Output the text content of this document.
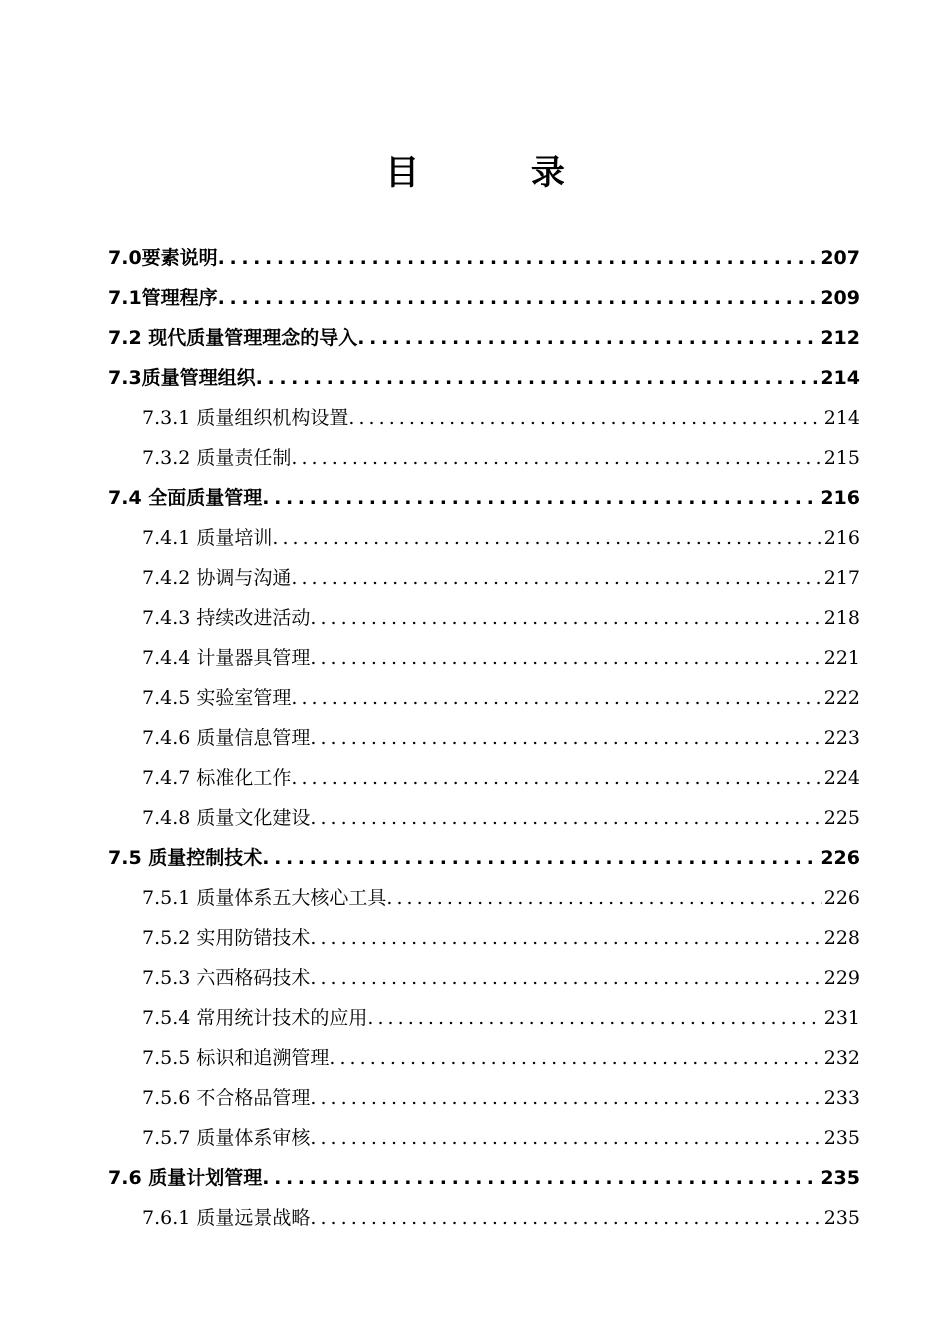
目 录
7.0要素说明 . . .	207
7.1管理程序 . . .	209
7.2 现代质量管理理念的导入 . . .	212
7.3质量管理组织 . . .	214
7.3.1 质量组织机构设置 . . .	214
7.3.2 质量责任制 . . .	215
7.4 全面质量管理 . . .	216
7.4.1 质量培训 . . .	216
7.4.2 协调与沟通 . . .	217
7.4.3 持续改进活动 . . .	218
7.4.4 计量器具管理 . . .	221
7.4.5 实验室管理 . . .	222
7.4.6 质量信息管理 . . .	223
7.4.7 标准化工作 . . .	224
7.4.8 质量文化建设 . . .	225
7.5 质量控制技术 . . .	226
7.5.1 质量体系五大核心工具 . . .	226
7.5.2 实用防错技术 . . .	228
7.5.3 六西格码技术 . . .	229
7.5.4 常用统计技术的应用 . . .	231
7.5.5 标识和追溯管理 . . .	232
7.5.6 不合格品管理 . . .	233
7.5.7 质量体系审核 . . .	235
7.6 质量计划管理 . . .	235
7.6.1 质量远景战略 . . .	235
